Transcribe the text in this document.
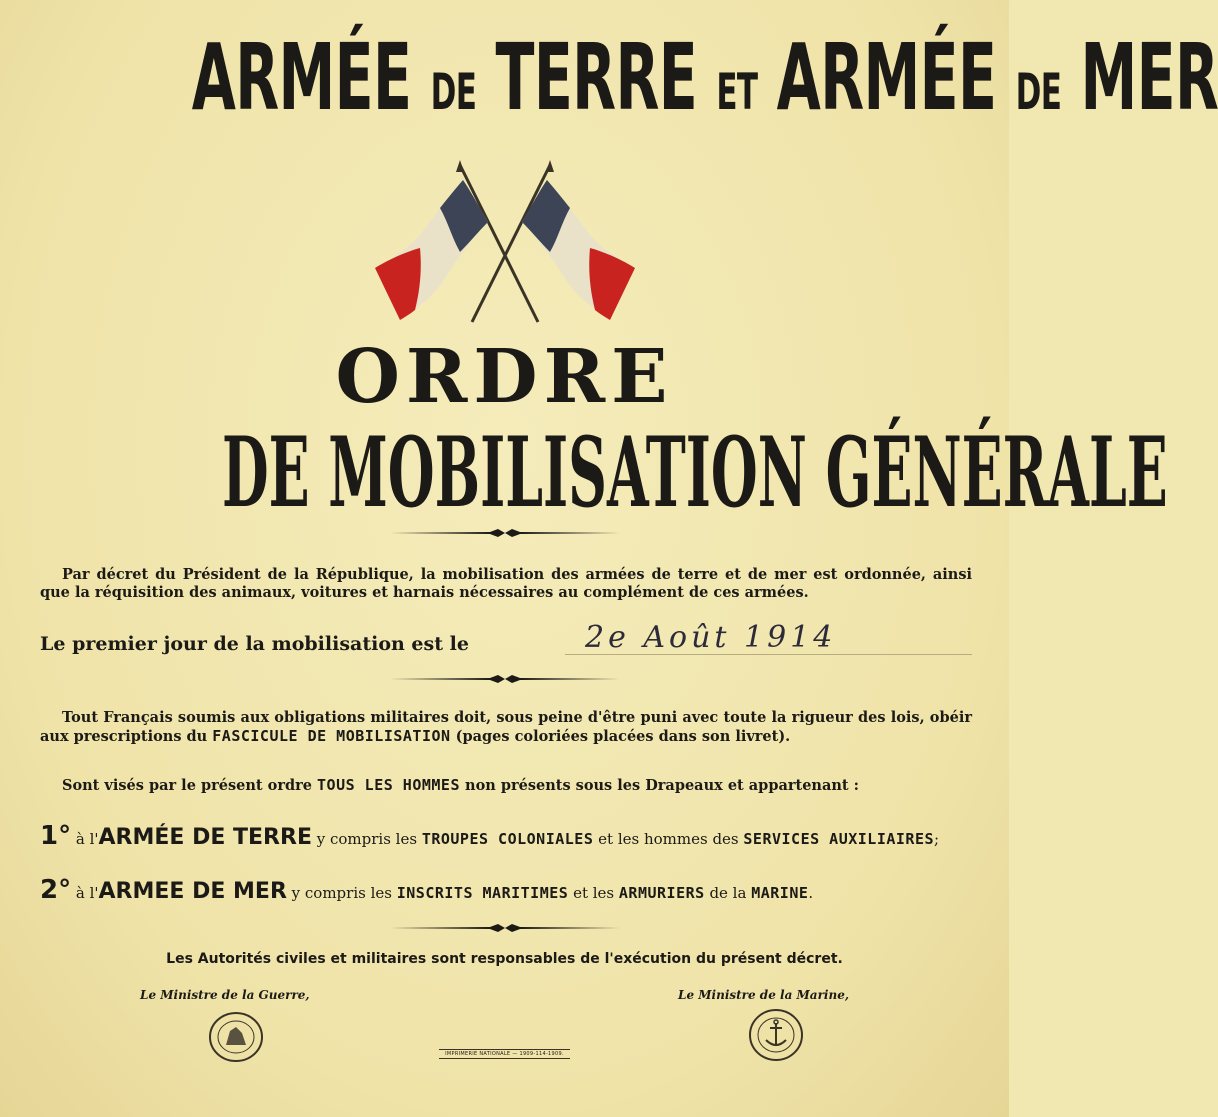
ARMÉE DE TERRE ET ARMÉE DE MER
ORDRE
DE MOBILISATION GÉNÉRALE
Par décret du Président de la République, la mobilisation des armées de terre et de mer est ordonnée, ainsi que la réquisition des animaux, voitures et harnais nécessaires au complément de ces armées.
Le premier jour de la mobilisation est le	2e Août 1914
Tout Français soumis aux obligations militaires doit, sous peine d'être puni avec toute la rigueur des lois, obéir aux prescriptions du FASCICULE DE MOBILISATION (pages coloriées placées dans son livret).
Sont visés par le présent ordre TOUS LES HOMMES non présents sous les Drapeaux et appartenant :
1° à l'ARMÉE DE TERRE y compris les TROUPES COLONIALES et les hommes des SERVICES AUXILIAIRES;
2° à l'ARMEE DE MER y compris les INSCRITS MARITIMES et les ARMURIERS de la MARINE.
Les Autorités civiles et militaires sont responsables de l'exécution du présent décret.
Le Ministre de la Guerre,	Le Ministre de la Marine,
IMPRIMERIE NATIONALE — 1909-114-1909.
